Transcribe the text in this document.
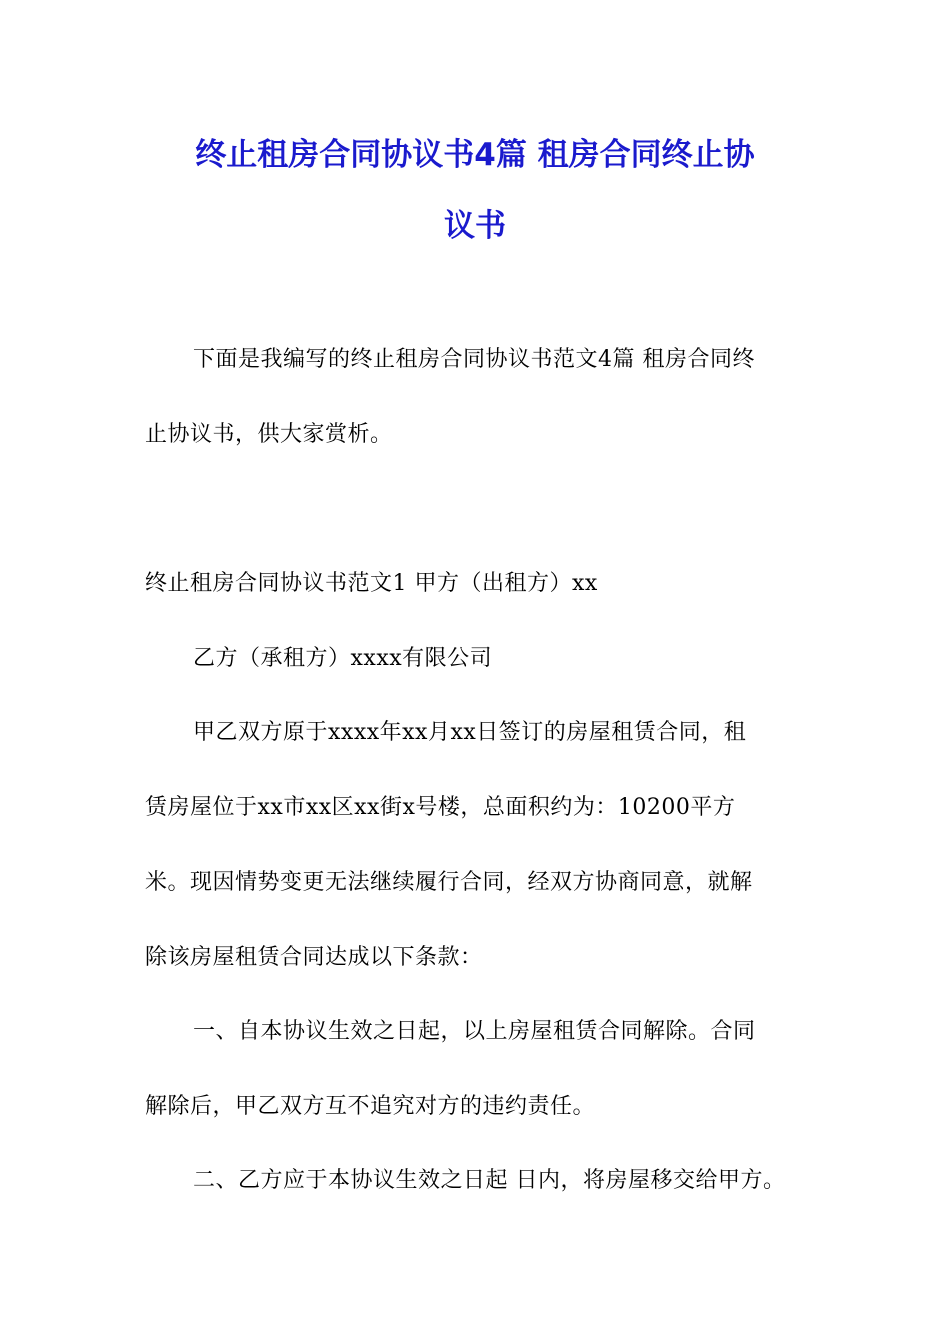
终止租房合同协议书4篇 租房合同终止协
议书

下面是我编写的终止租房合同协议书范文4篇 租房合同终

止协议书，供大家赏析。

终止租房合同协议书范文1 甲方（出租方）xx

乙方（承租方）xxxx有限公司

甲乙双方原于xxxx年xx月xx日签订的房屋租赁合同，租

赁房屋位于xx市xx区xx街x号楼，总面积约为：10200平方

米。现因情势变更无法继续履行合同，经双方协商同意，就解

除该房屋租赁合同达成以下条款：

一、自本协议生效之日起，以上房屋租赁合同解除。合同

解除后，甲乙双方互不追究对方的违约责任。

二、乙方应于本协议生效之日起 日内，将房屋移交给甲方。
